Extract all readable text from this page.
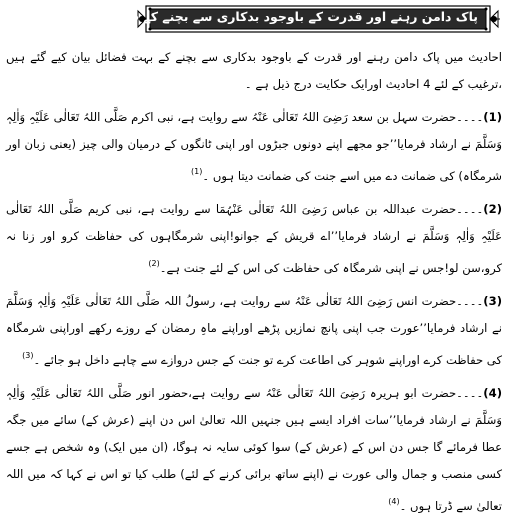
پاک دامن رہنے اور قدرت کے باوجود بدکاری سے بچنے کے فضائل

احادیث میں پاک دامن رہنے اور قدرت کے باوجود بدکاری سے بچنے کے بہت فضائل بیان کیے گئے ہیں ،ترغیب کے لئے 4 احادیث اورایک حکایت درج ذیل ہے ۔

(1)۔۔۔۔حضرت سہل بن سعد رَضِیَ اللہُ تَعَالٰی عَنْہُ سے روایت ہے، نبی اکرم صَلَّی اللہُ تَعَالٰی عَلَیْہِ وَاٰلِہٖ وَسَلَّمَ نے ارشاد فرمایا’’جو مجھے اپنے دونوں جبڑوں اور اپنی ٹانگوں کے درمیان والی چیز (یعنی زبان اور شرمگاہ) کی ضمانت دے میں اسے جنت کی ضمانت دیتا ہوں ۔$^{(1)}$

(2)۔۔۔۔حضرت عبداللہ بن عباس رَضِیَ اللہُ تَعَالٰی عَنْہُمَا سے روایت ہے، نبی کریم صَلَّی اللہُ تَعَالٰی عَلَیْہِ وَاٰلِہٖ وَسَلَّمَ نے ارشاد فرمایا’’اے قریش کے جوانو!اپنی شرمگاہوں کی حفاظت کرو اور زنا نہ کرو،سن لو!جس نے اپنی شرمگاہ کی حفاظت کی اس کے لئے جنت ہے۔$^{(2)}$

(3)۔۔۔۔حضرت انس رَضِیَ اللہُ تَعَالٰی عَنْہُ سے روایت ہے، رسولُ اللہ صَلَّی اللہُ تَعَالٰی عَلَیْہِ وَاٰلِہٖ وَسَلَّمَ نے ارشاد فرمایا’’عورت جب اپنی پانچ نمازیں پڑھے اوراپنے ماہِ رمضان کے روزے رکھے اوراپنی شرمگاہ کی حفاظت کرے اوراپنے شوہر کی اطاعت کرے تو جنت کے جس دروازے سے چاہے داخل ہو جائے ۔$^{(3)}$

(4)۔۔۔۔حضرت ابو ہریرہ رَضِیَ اللہُ تَعَالٰی عَنْہُ سے روایت ہے،حضور انور صَلَّی اللہُ تَعَالٰی عَلَیْہِ وَاٰلِہٖ وَسَلَّمَ نے ارشاد فرمایا’’سات افراد ایسے ہیں جنہیں اللہ تعالیٰ اس دن اپنے (عرش کے) سائے میں جگہ عطا فرمائے گا جس دن اس کے (عرش کے) سوا کوئی سایہ نہ ہوگا، (ان میں ایک) وہ شخص ہے جسے کسی منصب و جمال والی عورت نے (اپنے ساتھ برائی کرنے کے لئے) طلب کیا تو اس نے کہا کہ میں اللہ تعالیٰ سے ڈرتا ہوں ۔$^{(4)}$
